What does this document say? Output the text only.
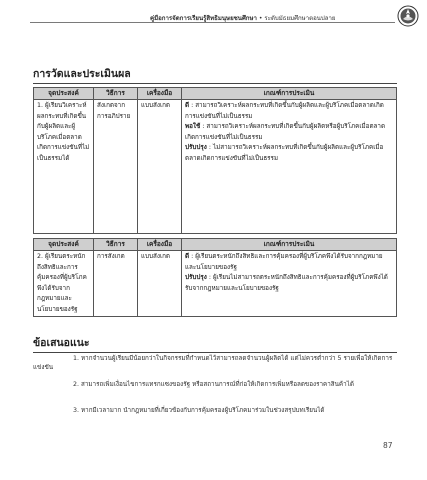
คู่มือการจัดการเรียนรู้สิทธิมนุษยชนศึกษา • ระดับมัธยมศึกษาตอนปลาย
การวัดและประเมินผล
จุดประสงค์	วิธีการ	เครื่องมือ	เกณฑ์การประเมิน
1. ผู้เรียนวิเคราะห์ผลกระทบที่เกิดขึ้นกับผู้ผลิตและผู้บริโภคเมื่อตลาดเกิดการแข่งขันที่ไม่เป็นธรรมได้	สังเกตจากการอภิปราย	แบบสังเกต	ดี : สามารถวิเคราะห์ผลกระทบที่เกิดขึ้นกับผู้ผลิตและผู้บริโภคเมื่อตลาดเกิดการแข่งขันที่ไม่เป็นธรรม
พอใช้ : สามารถวิเคราะห์ผลกระทบที่เกิดขึ้นกับผู้ผลิตหรือผู้บริโภคเมื่อตลาดเกิดการแข่งขันที่ไม่เป็นธรรม
ปรับปรุง : ไม่สามารถวิเคราะห์ผลกระทบที่เกิดขึ้นกับผู้ผลิตและผู้บริโภคเมื่อตลาดเกิดการแข่งขันที่ไม่เป็นธรรม
จุดประสงค์	วิธีการ	เครื่องมือ	เกณฑ์การประเมิน
2. ผู้เรียนตระหนักถึงสิทธิและการคุ้มครองที่ผู้บริโภคพึงได้รับจากกฎหมายและนโยบายของรัฐ	การสังเกต	แบบสังเกต	ดี : ผู้เรียนตระหนักถึงสิทธิและการคุ้มครองที่ผู้บริโภคพึงได้รับจากกฎหมายและนโยบายของรัฐ
ปรับปรุง : ผู้เรียนไม่สามารถตระหนักถึงสิทธิและการคุ้มครองที่ผู้บริโภคพึงได้รับจากกฎหมายและนโยบายของรัฐ
ข้อเสนอแนะ
1. หากจำนวนผู้เรียนมีน้อยกว่าในกิจกรรมที่กำหนดไว้สามารถลดจำนวนผู้ผลิตได้ แต่ไม่ควรต่ำกว่า 5 รายเพื่อให้เกิดการแข่งขัน
2. สามารถเพิ่มเงื่อนไขการแทรกแซงของรัฐ หรือสถานการณ์ที่ก่อให้เกิดการเพิ่มหรือลดของราคาสินค้าได้
3. หากมีเวลามาก นำกฎหมายที่เกี่ยวข้องกับการคุ้มครองผู้บริโภคมาร่วมในช่วงสรุปบทเรียนได้
87
